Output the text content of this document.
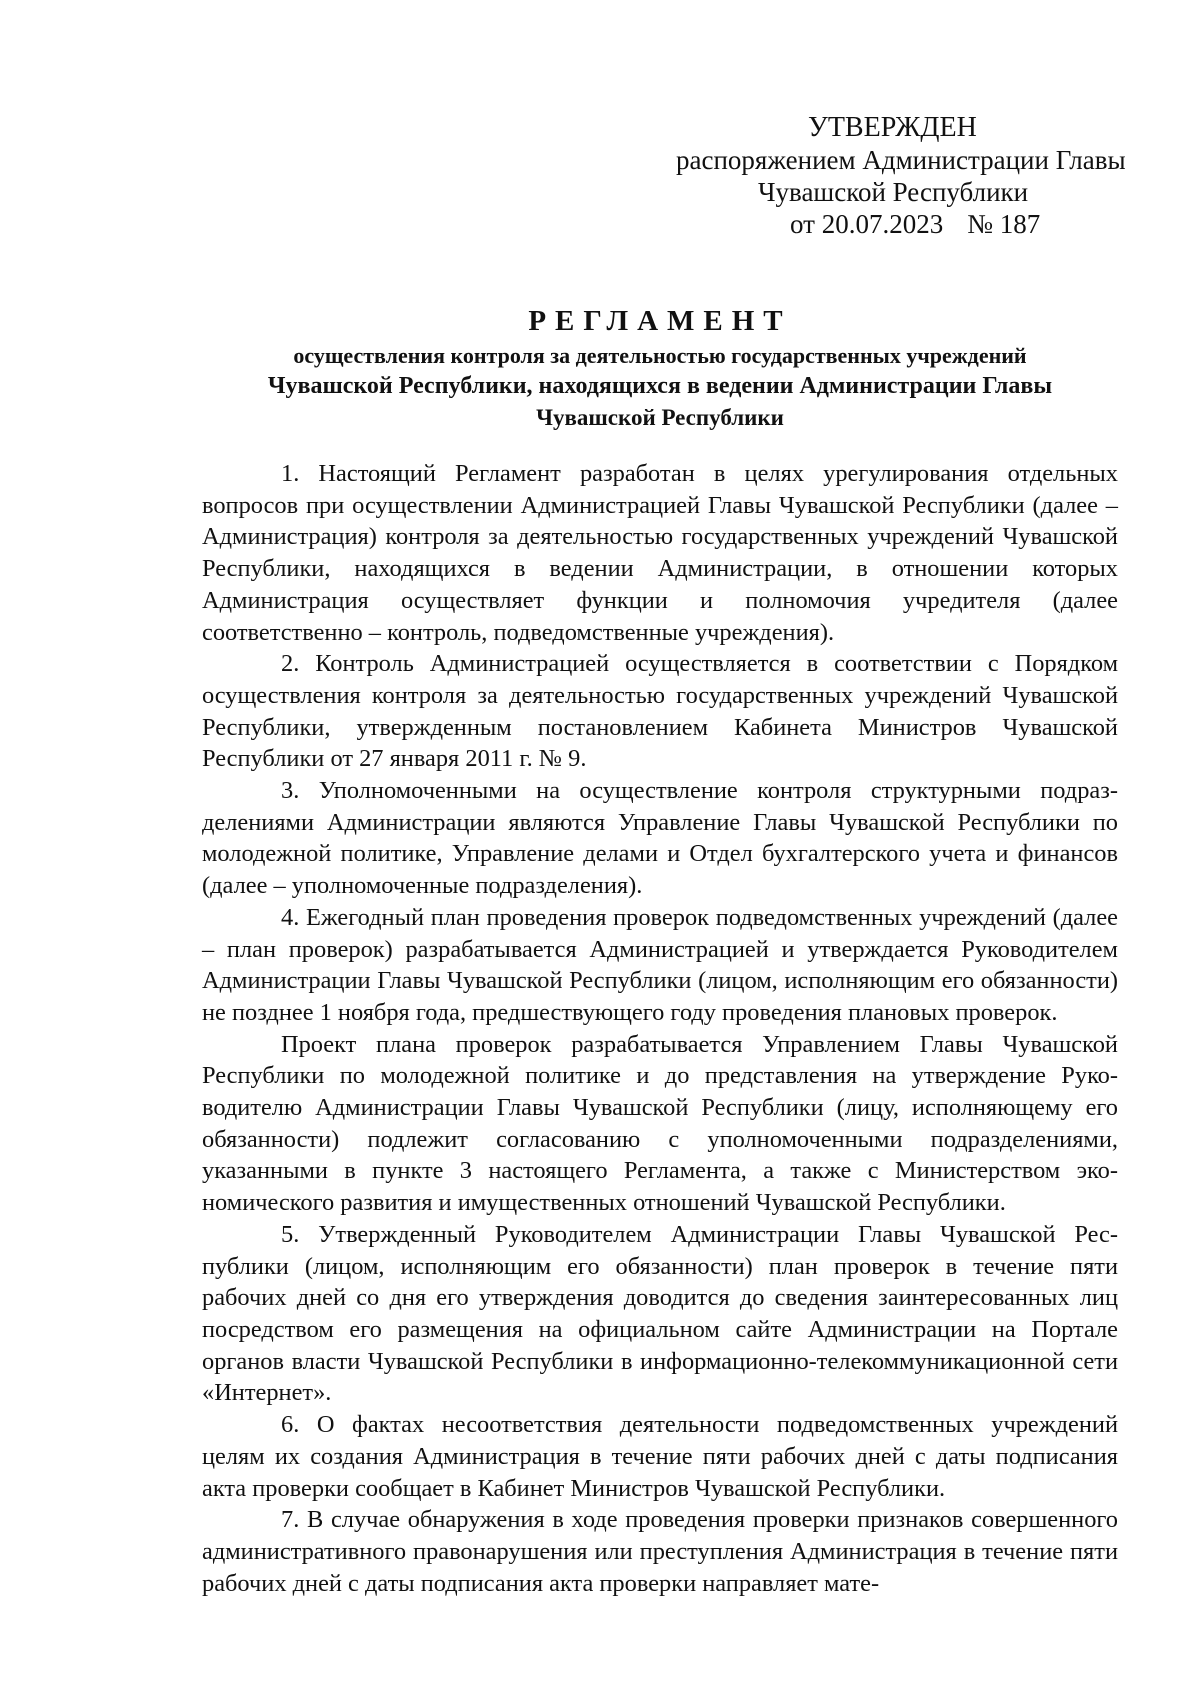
УТВЕРЖДЕН
распоряжением Администрации Главы
Чувашской Республики
от 20.07.2023 № 187
РЕГЛАМЕНТ
осуществления контроля за деятельностью государственных учреждений
Чувашской Республики, находящихся в ведении Администрации Главы
Чувашской Республики

1. Настоящий Регламент разработан в целях урегулирования отдельных вопросов при осуществлении Администрацией Главы Чувашской Республики (далее – Администрация) контроля за деятельностью государственных учреждений Чувашской Республики, находящихся в ведении Администрации, в отношении которых Администрация осуществляет функции и полномочия учредителя (далее соответственно – контроль, подведомственные учреждения).

2. Контроль Администрацией осуществляется в соответствии с Порядком осуществления контроля за деятельностью государственных учреждений Чувашской Республики, утвержденным постановлением Кабинета Министров Чувашской Республики от 27 января 2011 г. № 9.

3. Уполномоченными на осуществление контроля структурными подразделениями Администрации являются Управление Главы Чувашской Республики по молодежной политике, Управление делами и Отдел бухгалтерского учета и финансов (далее – уполномоченные подразделения).

4. Ежегодный план проведения проверок подведомственных учреждений (далее – план проверок) разрабатывается Администрацией и утверждается Руководителем Администрации Главы Чувашской Республики (лицом, исполняющим его обязанности) не позднее 1 ноября года, предшествующего году проведения плановых проверок.

Проект плана проверок разрабатывается Управлением Главы Чувашской Республики по молодежной политике и до представления на утверждение Руководителю Администрации Главы Чувашской Республики (лицу, исполняющему его обязанности) подлежит согласованию с уполномоченными подразделениями, указанными в пункте 3 настоящего Регламента, а также с Министерством экономического развития и имущественных отношений Чувашской Республики.

5. Утвержденный Руководителем Администрации Главы Чувашской Республики (лицом, исполняющим его обязанности) план проверок в течение пяти рабочих дней со дня его утверждения доводится до сведения заинтересованных лиц посредством его размещения на официальном сайте Администрации на Портале органов власти Чувашской Республики в информационно-телекоммуникационной сети «Интернет».

6. О фактах несоответствия деятельности подведомственных учреждений целям их создания Администрация в течение пяти рабочих дней с даты подписания акта проверки сообщает в Кабинет Министров Чувашской Республики.

7. В случае обнаружения в ходе проведения проверки признаков совершенного административного правонарушения или преступления Администрация в течение пяти рабочих дней с даты подписания акта проверки направляет мате-
